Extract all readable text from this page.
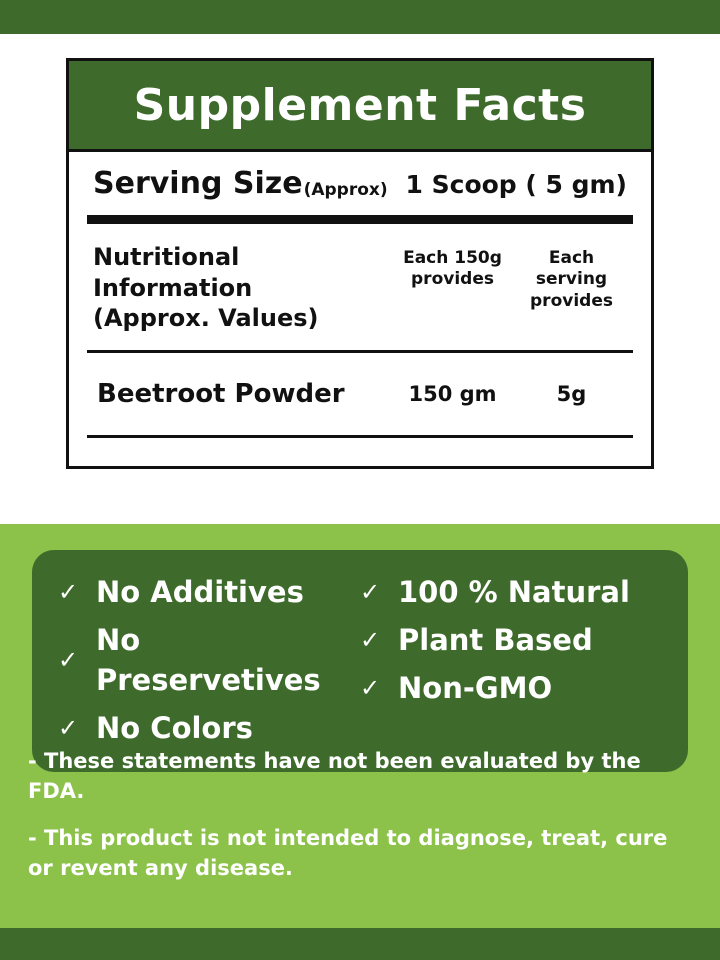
Supplement Facts
Serving Size (Approx) 1 Scoop ( 5 gm)
Nutritional Information
(Approx. Values)
Each 150g
provides
Each serving
provides
Beetroot Powder	150 gm	5g
✓ No Additives
✓
No Preservetives
✓ No Colors
✓ 100 % Natural
✓ Plant Based
✓ Non-GMO
- These statements have not been evaluated by the FDA.
- This product is not intended to diagnose, treat, cure or revent any disease.
